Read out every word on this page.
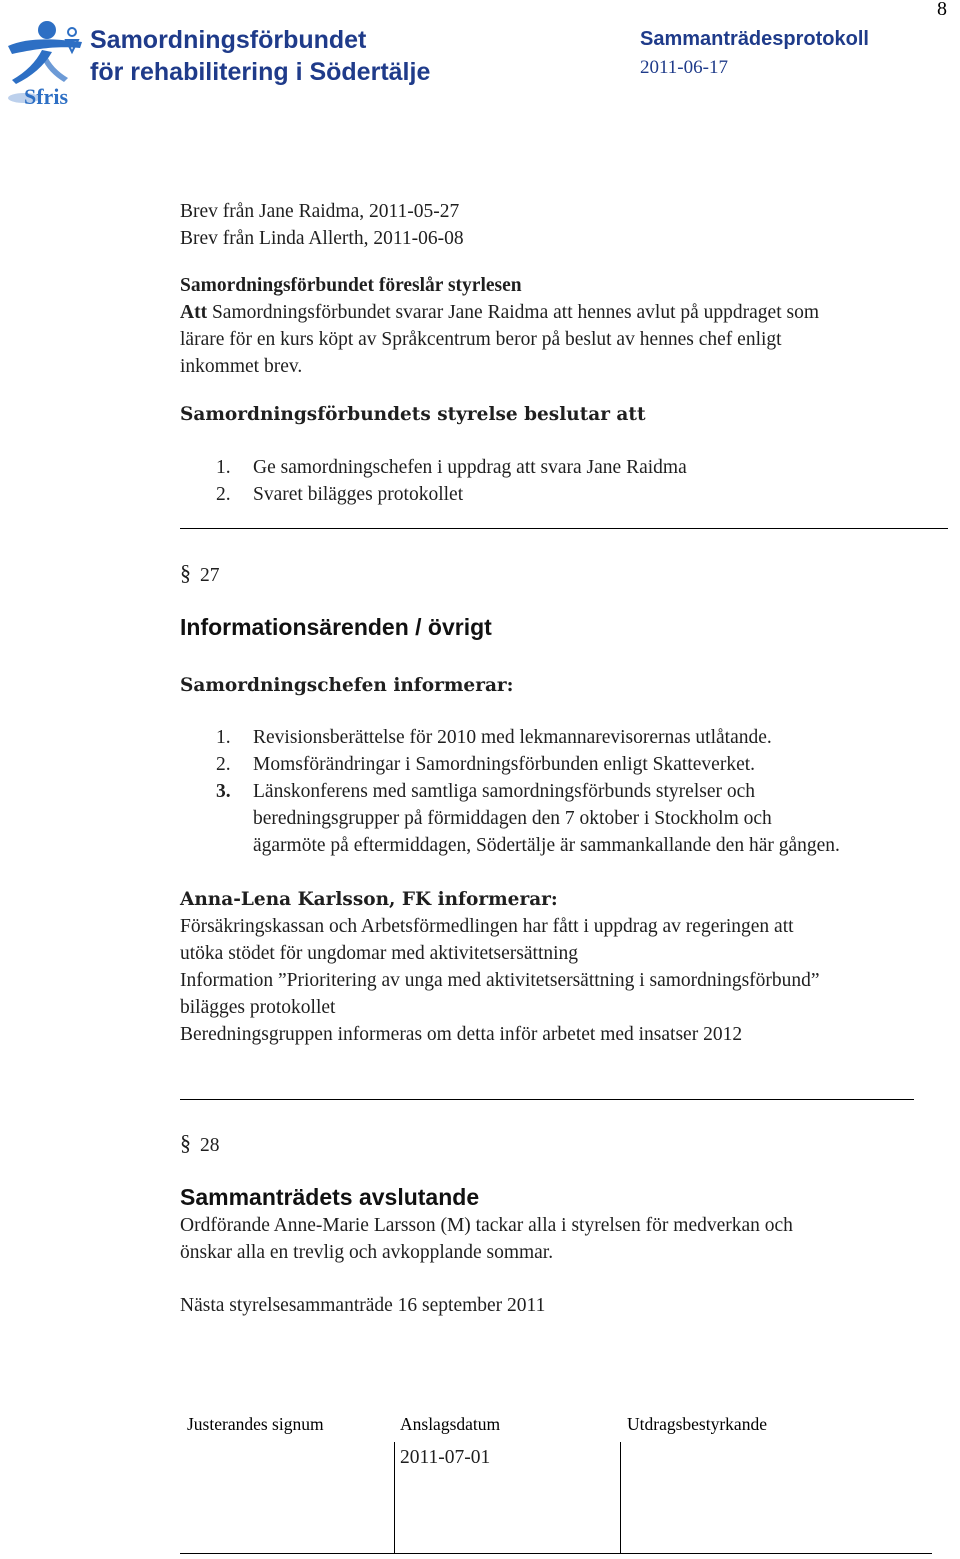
Sfris
Samordningsförbundet
för rehabilitering i Södertälje
Sammanträdesprotokoll
2011-06-17
8
Brev från Jane Raidma, 2011-05-27
Brev från Linda Allerth, 2011-06-08
Samordningsförbundet föreslår styrlesen
Att Samordningsförbundet svarar Jane Raidma att hennes avlut på uppdraget som
lärare för en kurs köpt av Språkcentrum beror på beslut av hennes chef enligt
inkommet brev.
Samordningsförbundets styrelse beslutar att
1. Ge samordningschefen i uppdrag att svara Jane Raidma
2. Svaret bilägges protokollet
§ 27
Informationsärenden / övrigt
Samordningschefen informerar:
1. Revisionsberättelse för 2010 med lekmannarevisorernas utlåtande.
2. Momsförändringar i Samordningsförbunden enligt Skatteverket.
3. Länskonferens med samtliga samordningsförbunds styrelser och
beredningsgrupper på förmiddagen den 7 oktober i Stockholm och
ägarmöte på eftermiddagen, Södertälje är sammankallande den här gången.
Anna-Lena Karlsson, FK informerar:
Försäkringskassan och Arbetsförmedlingen har fått i uppdrag av regeringen att
utöka stödet för ungdomar med aktivitetsersättning
Information ”Prioritering av unga med aktivitetsersättning i samordningsförbund”
bilägges protokollet
Beredningsgruppen informeras om detta inför arbetet med insatser 2012
§ 28
Sammanträdets avslutande
Ordförande Anne-Marie Larsson (M) tackar alla i styrelsen för medverkan och
önskar alla en trevlig och avkopplande sommar.
Nästa styrelsesammanträde 16 september 2011
Justerandes signum	Anslagsdatum	Utdragsbestyrkande
2011-07-01
